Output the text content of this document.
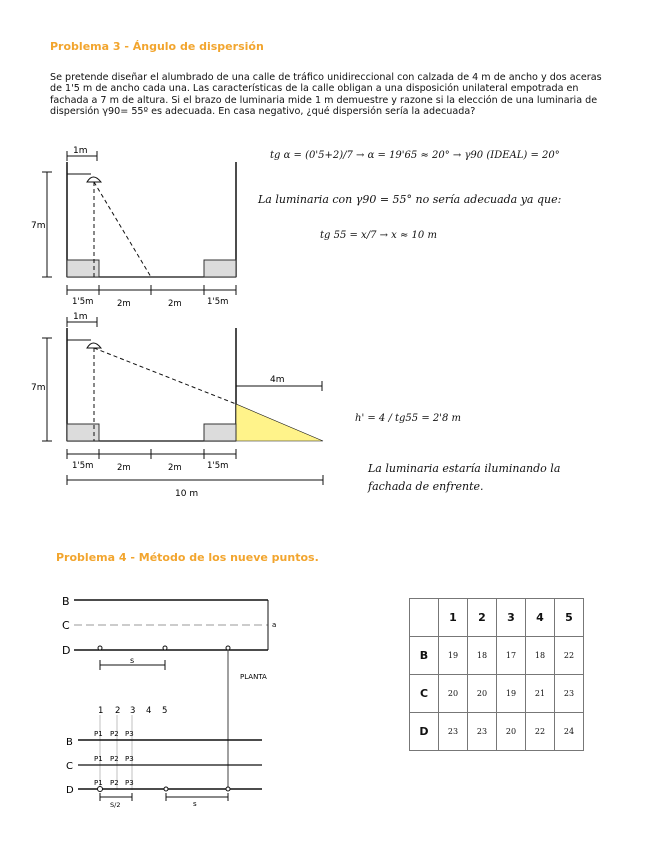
Problema 3 - Ángulo de dispersión
Se pretende diseñar el alumbrado de una calle de tráfico unidireccional con calzada de 4 m de ancho y dos aceras de 1'5 m de ancho cada una. Las características de la calle obligan a una disposición unilateral empotrada en fachada a 7 m de altura. Si el brazo de luminaria mide 1 m demuestre y razone si la elección de una luminaria de dispersión γ90= 55º es adecuada. En casa negativo, ¿qué dispersión sería la adecuada?
1m
7m
1'5m	2m	2m	1'5m
1m
7m
4m
1'5m	2m	2m	1'5m
10 m
tg α = (0'5+2)/7 → α = 19'65 ≈ 20° → γ90 (IDEAL) = 20°
La luminaria con γ90 = 55° no sería adecuada ya que:
tg 55 = x/7 → x ≈ 10 m
h' = 4 / tg55 = 2'8 m
La luminaria estaría iluminando la
fachada de enfrente.
Problema 4 - Método de los nueve puntos.
B
C
D
a
s
PLANTA
1 2 3 4 5
B
C
D
P1 P2 P3
P1 P2 P3
P1 P2 P3
S/2	s
	1	2	3	4	5
B	19	18	17	18	22
C	20	20	19	21	23
D	23	23	20	22	24
